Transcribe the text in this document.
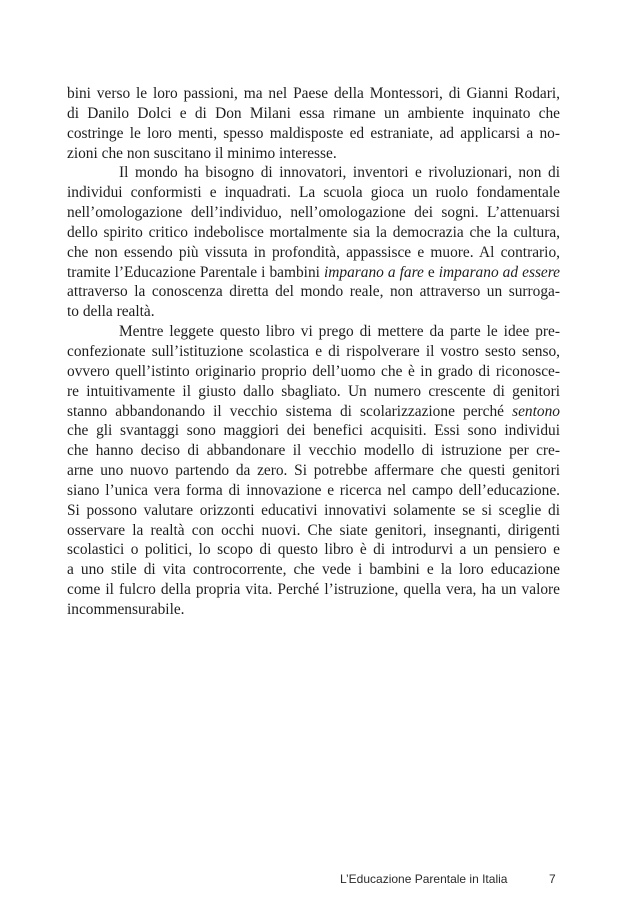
bini verso le loro passioni, ma nel Paese della Montessori, di Gianni Rodari,
di Danilo Dolci e di Don Milani essa rimane un ambiente inquinato che
costringe le loro menti, spesso maldisposte ed estraniate, ad applicarsi a no-
zioni che non suscitano il minimo interesse.
Il mondo ha bisogno di innovatori, inventori e rivoluzionari, non di
individui conformisti e inquadrati. La scuola gioca un ruolo fondamentale
nell’omologazione dell’individuo, nell’omologazione dei sogni. L’attenuarsi
dello spirito critico indebolisce mortalmente sia la democrazia che la cultura,
che non essendo più vissuta in profondità, appassisce e muore. Al contrario,
tramite l’Educazione Parentale i bambini imparano a fare e imparano ad essere
attraverso la conoscenza diretta del mondo reale, non attraverso un surroga-
to della realtà.
Mentre leggete questo libro vi prego di mettere da parte le idee pre-
confezionate sull’istituzione scolastica e di rispolverare il vostro sesto senso,
ovvero quell’istinto originario proprio dell’uomo che è in grado di riconosce-
re intuitivamente il giusto dallo sbagliato. Un numero crescente di genitori
stanno abbandonando il vecchio sistema di scolarizzazione perché sentono
che gli svantaggi sono maggiori dei benefici acquisiti. Essi sono individui
che hanno deciso di abbandonare il vecchio modello di istruzione per cre-
arne uno nuovo partendo da zero. Si potrebbe affermare che questi genitori
siano l’unica vera forma di innovazione e ricerca nel campo dell’educazione.
Si possono valutare orizzonti educativi innovativi solamente se si sceglie di
osservare la realtà con occhi nuovi. Che siate genitori, insegnanti, dirigenti
scolastici o politici, lo scopo di questo libro è di introdurvi a un pensiero e
a uno stile di vita controcorrente, che vede i bambini e la loro educazione
come il fulcro della propria vita. Perché l’istruzione, quella vera, ha un valore
incommensurabile.
L’Educazione Parentale in Italia	7
